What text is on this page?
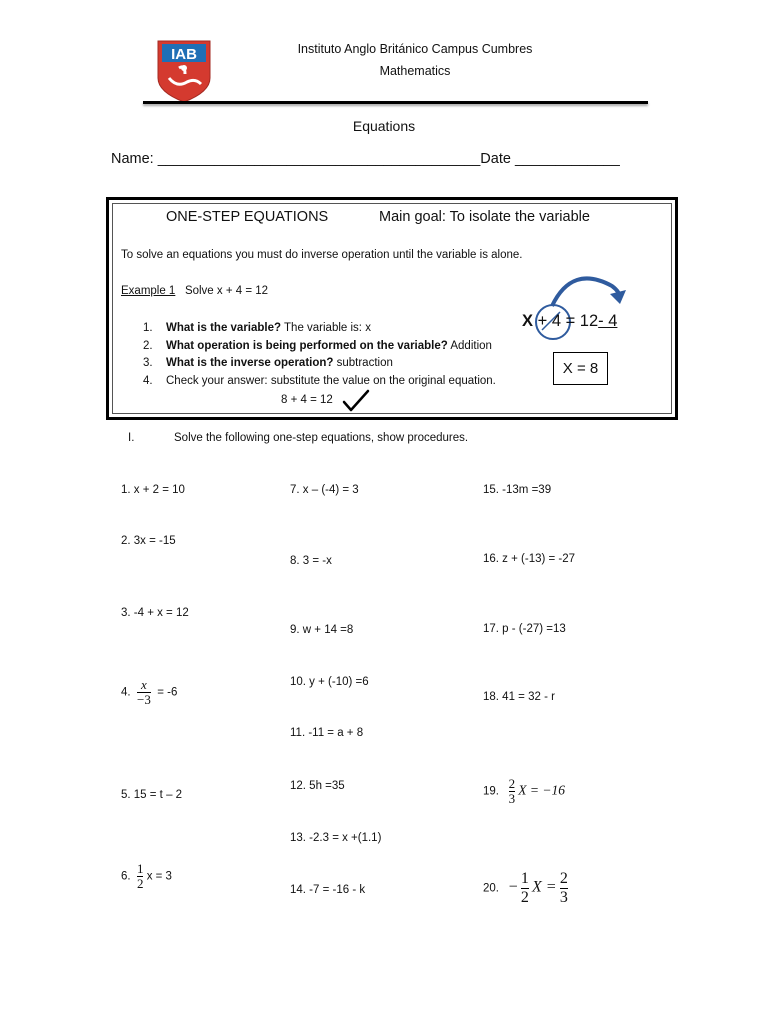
IAB	Instituto Anglo Británico Campus Cumbres
Mathematics
Equations
Name: ________________________________________Date _____________
ONE-STEP EQUATIONS	Main goal: To isolate the variable
To solve an equations you must do inverse operation until the variable is alone.
Example 1 Solve x + 4 = 12
1. What is the variable? The variable is: x
2. What operation is being performed on the variable? Addition
3. What is the inverse operation? subtraction
4. Check your answer: substitute the value on the original equation.
8 + 4 = 12
X + 4 = 12- 4
X = 8
I.	Solve the following one-step equations, show procedures.
1. x + 2 = 10
2. 3x = -15
3. -4 + x = 12
4. $\frac{x}{-3} = -6$
5. 15 = t – 2
6. $\frac{1}{2}$ x = 3
7. x – (-4) = 3
8. 3 = -x
9. w + 14 =8
10. y + (-10) =6
11. -11 = a + 8
12. 5h =35
13. -2.3 = x +(1.1)
14. -7 = -16 - k
15. -13m =39
16. z + (-13) = -27
17. p - (-27) =13
18. 41 = 32 - r
19. $\frac{2}{3}$ X = −16
20. − $\frac{1}{2}$ $X = \frac{2}{3}$
